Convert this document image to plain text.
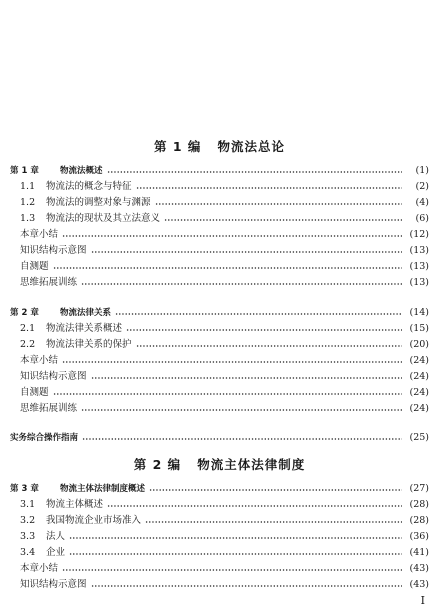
第 1 编 物流法总论
第 2 编 物流主体法律制度
第 1 章 物流法概述	(1)
1.1 物流法的概念与特征	(2)
1.2 物流法的调整对象与渊源	(4)
1.3 物流法的现状及其立法意义	(6)
本章小结	(12)
知识结构示意图	(13)
自测题	(13)
思维拓展训练	(13)
第 2 章 物流法律关系	(14)
2.1 物流法律关系概述	(15)
2.2 物流法律关系的保护	(20)
本章小结	(24)
知识结构示意图	(24)
自测题	(24)
思维拓展训练	(24)
实务综合操作指南	(25)
第 3 章 物流主体法律制度概述	(27)
3.1 物流主体概述	(28)
3.2 我国物流企业市场准入	(28)
3.3 法人	(36)
3.4 企业	(41)
本章小结	(43)
知识结构示意图	(43)
I
